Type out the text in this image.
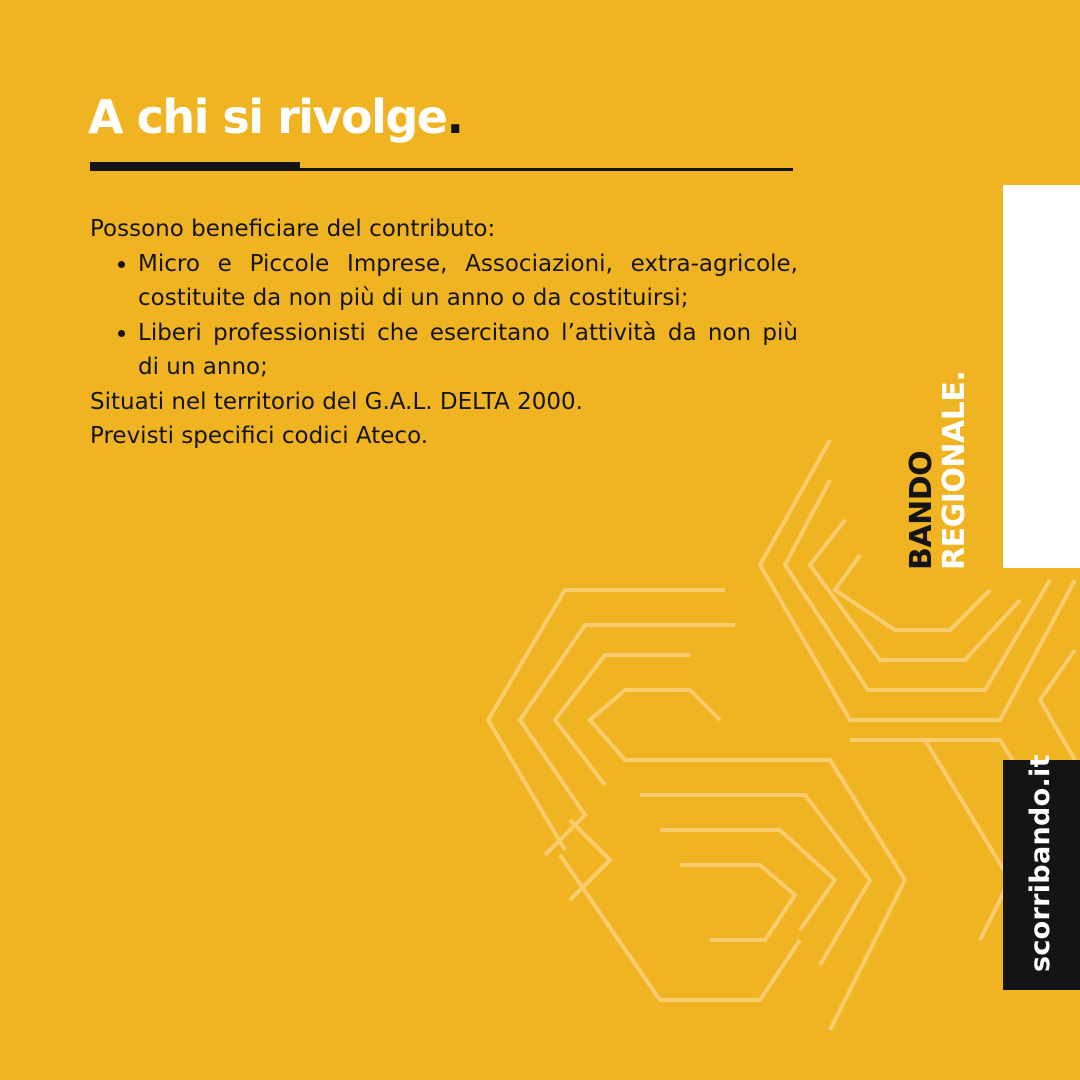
A chi si rivolge.

Possono beneficiare del contributo:

• Micro e Piccole Imprese, Associazioni, extra-agricole, costituite da non più di un anno o da costituirsi;
• Liberi professionisti che esercitano l’attività da non più di un anno;

Situati nel territorio del G.A.L. DELTA 2000.

Previsti specifici codici Ateco.

BANDO
REGIONALE.
scorribando.it
